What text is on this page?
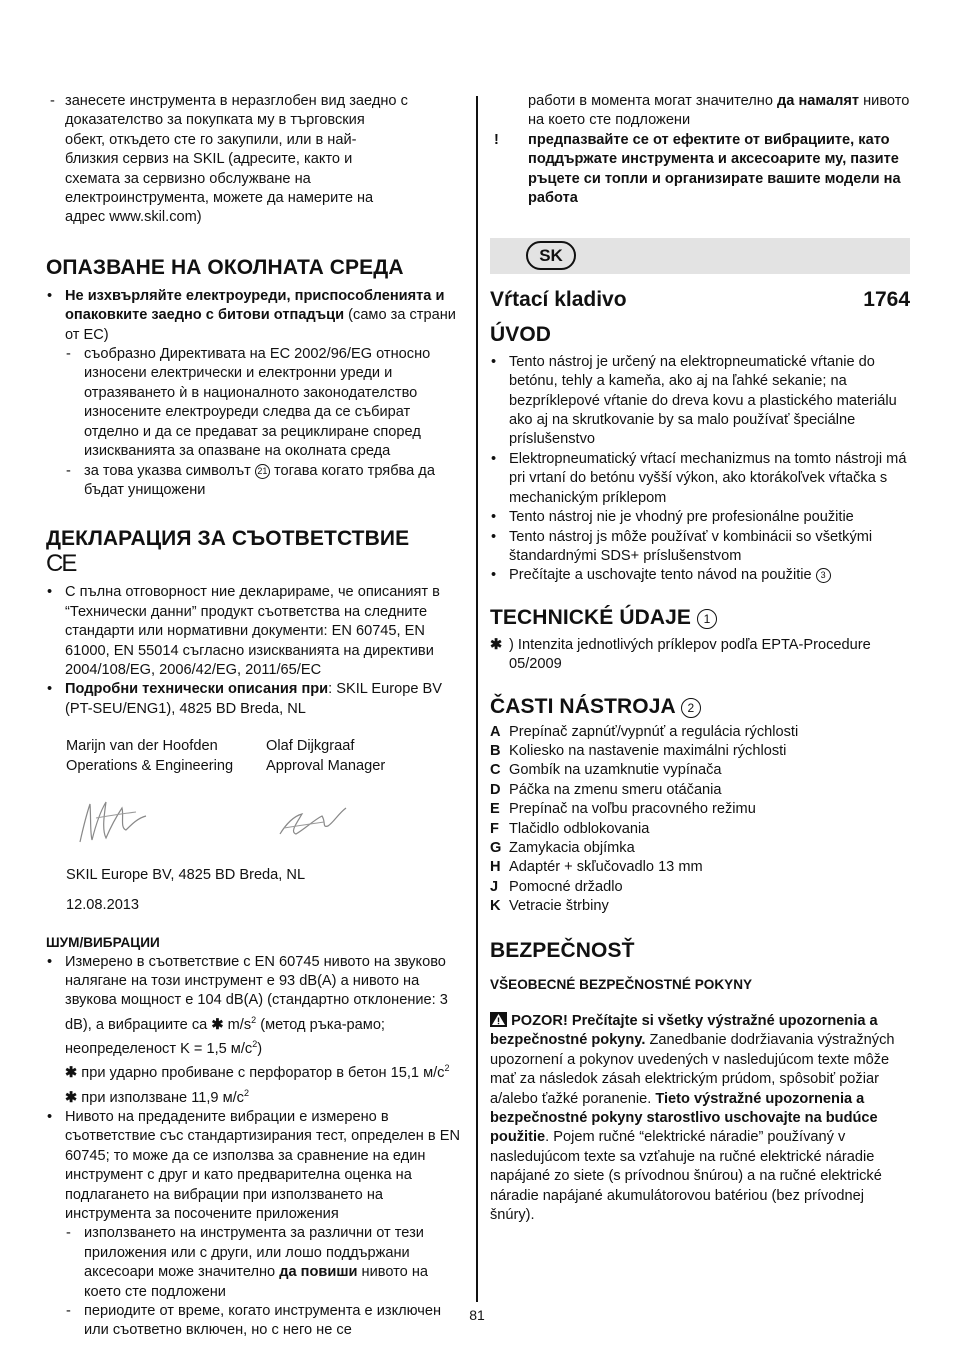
- занесете инструмента в неразглобен вид заедно с
доказателство за покупката му в търговския
обект, откъдето сте го закупили, или в най-
близкия сервиз на SKIL (адресите, както и
схемата за сервизно обслужване на
електроинструмента, можете да намерите на
адрес www.skil.com)
ОПАЗВАНЕ НА ОКОЛНАТА СРЕДА

• Не изхвърляйте електроуреди, приспособленията и опаковките заедно с битови отпадъци (само за страни от ЕС)

- съобразно Директивата на ЕС 2002/96/EG относно износени електрически и електронни уреди и отразяването ѝ в националното законодателство износените електроуреди следва да се събират отделно и да се предават за рециклиране според изискванията за опазване на околната среда

- за това указва символът 21 тогава когато трябва да бъдат унищожени

ДЕКЛАРАЦИЯ ЗА СЪОТВЕТСТВИЕ
CE

• С пълна отговорност ние декларираме, че описаният в “Технически данни” продукт съответства на следните стандарти или нормативни документи: EN 60745, EN 61000, EN 55014 съгласно изискванията на директиви 2004/108/EG, 2006/42/EG, 2011/65/EC

• Подробни технически описания при: SKIL Europe BV (PT-SEU/ENG1), 4825 BD Breda, NL

Marijn van der Hoofden
Operations & Engineering
Olaf Dijkgraaf
Approval Manager
SKIL Europe BV, 4825 BD Breda, NL
12.08.2013
ШУМ/ВИБРАЦИИ

• Измерено в съответствие с EN 60745 нивото на звуково налягане на този инструмент е 93 dB(A) а нивото на звукова мощност е 104 dB(A) (стандартно отклонение: 3 dB), а вибрациите са ✱ $m/s^2$ (метод ръка-рамо; неопределеност K = 1,5 $м/с^2$)
✱ при ударно пробиване с перфоратор в бетон 15,1 $м/с^2$
✱ при използване 11,9 $м/с^2$

• Нивото на предадените вибрации е измерено в съответствие със стандартизирания тест, определен в EN 60745; то може да се използва за сравнение на един инструмент с друг и като предварителна оценка на подлагането на вибрации при използването на инструмента за посочените приложения

- използването на инструмента за различни от тези приложения или с други, или лошо поддържани аксесоари може значително да повиши нивото на което сте подложени

- периодите от време, когато инструмента е изключен или съответно включен, но с него не се

работи в момента могат значително да намалят нивото на което сте подложени

! предпазвайте се от ефектите от вибрациите, като поддържате инструмента и аксесоарите му, пазите ръцете си топли и организирате вашите модели на работа

SK
Vŕtací kladivo	1764
ÚVOD

• Tento nástroj je určený na elektropneumatické vŕtanie do betónu, tehly a kameňa, ako aj na ľahké sekanie; na bezpríklepové vŕtanie do dreva kovu a plastického materiálu ako aj na skrutkovanie by sa malo používať špeciálne príslušenstvo

• Elektropneumatický vŕtací mechanizmus na tomto nástroji má pri vrtaní do betónu vyšší výkon, ako ktorákoľvek vŕtačka s mechanickým príklepom

• Tento nástroj nie je vhodný pre profesionálne použitie

• Tento nástroj js môže používať v kombinácii so všetkými štandardnými SDS+ príslušenstvom

• Prečítajte a uschovajte tento návod na použitie 3

TECHNICKÉ ÚDAJE 1

✱ ) Intenzita jednotlivých príklepov podľa EPTA-Procedure 05/2009

ČASTI NÁSTROJA 2
A Prepínač zapnúť/vypnúť a regulácia rýchlosti
B Koliesko na nastavenie maximálni rýchlosti
C Gombík na uzamknutie vypínača
D Páčka na zmenu smeru otáčania
E Prepínač na voľbu pracovného režimu
F Tlačidlo odblokovania
G Zamykacia objímka
H Adaptér + skľučovadlo 13 mm
J Pomocné držadlo
K Vetracie štrbiny
BEZPEČNOSŤ
VŠEOBECNÉ BEZPEČNOSTNÉ POKYNY

POZOR! Prečítajte si všetky výstražné upozornenia a bezpečnostné pokyny. Zanedbanie dodržiavania výstražných upozornení a pokynov uvedených v nasledujúcom texte môže mať za následok zásah elektrickým prúdom, spôsobiť požiar a/alebo ťažké poranenie. Tieto výstražné upozornenia a bezpečnostné pokyny starostlivo uschovajte na budúce použitie. Pojem ručné “elektrické náradie” používaný v nasledujúcom texte sa vzťahuje na ručné elektrické náradie napájané zo siete (s prívodnou šnúrou) a na ručné elektrické náradie napájané akumulátorovou batériou (bez prívodnej šnúry).

81
